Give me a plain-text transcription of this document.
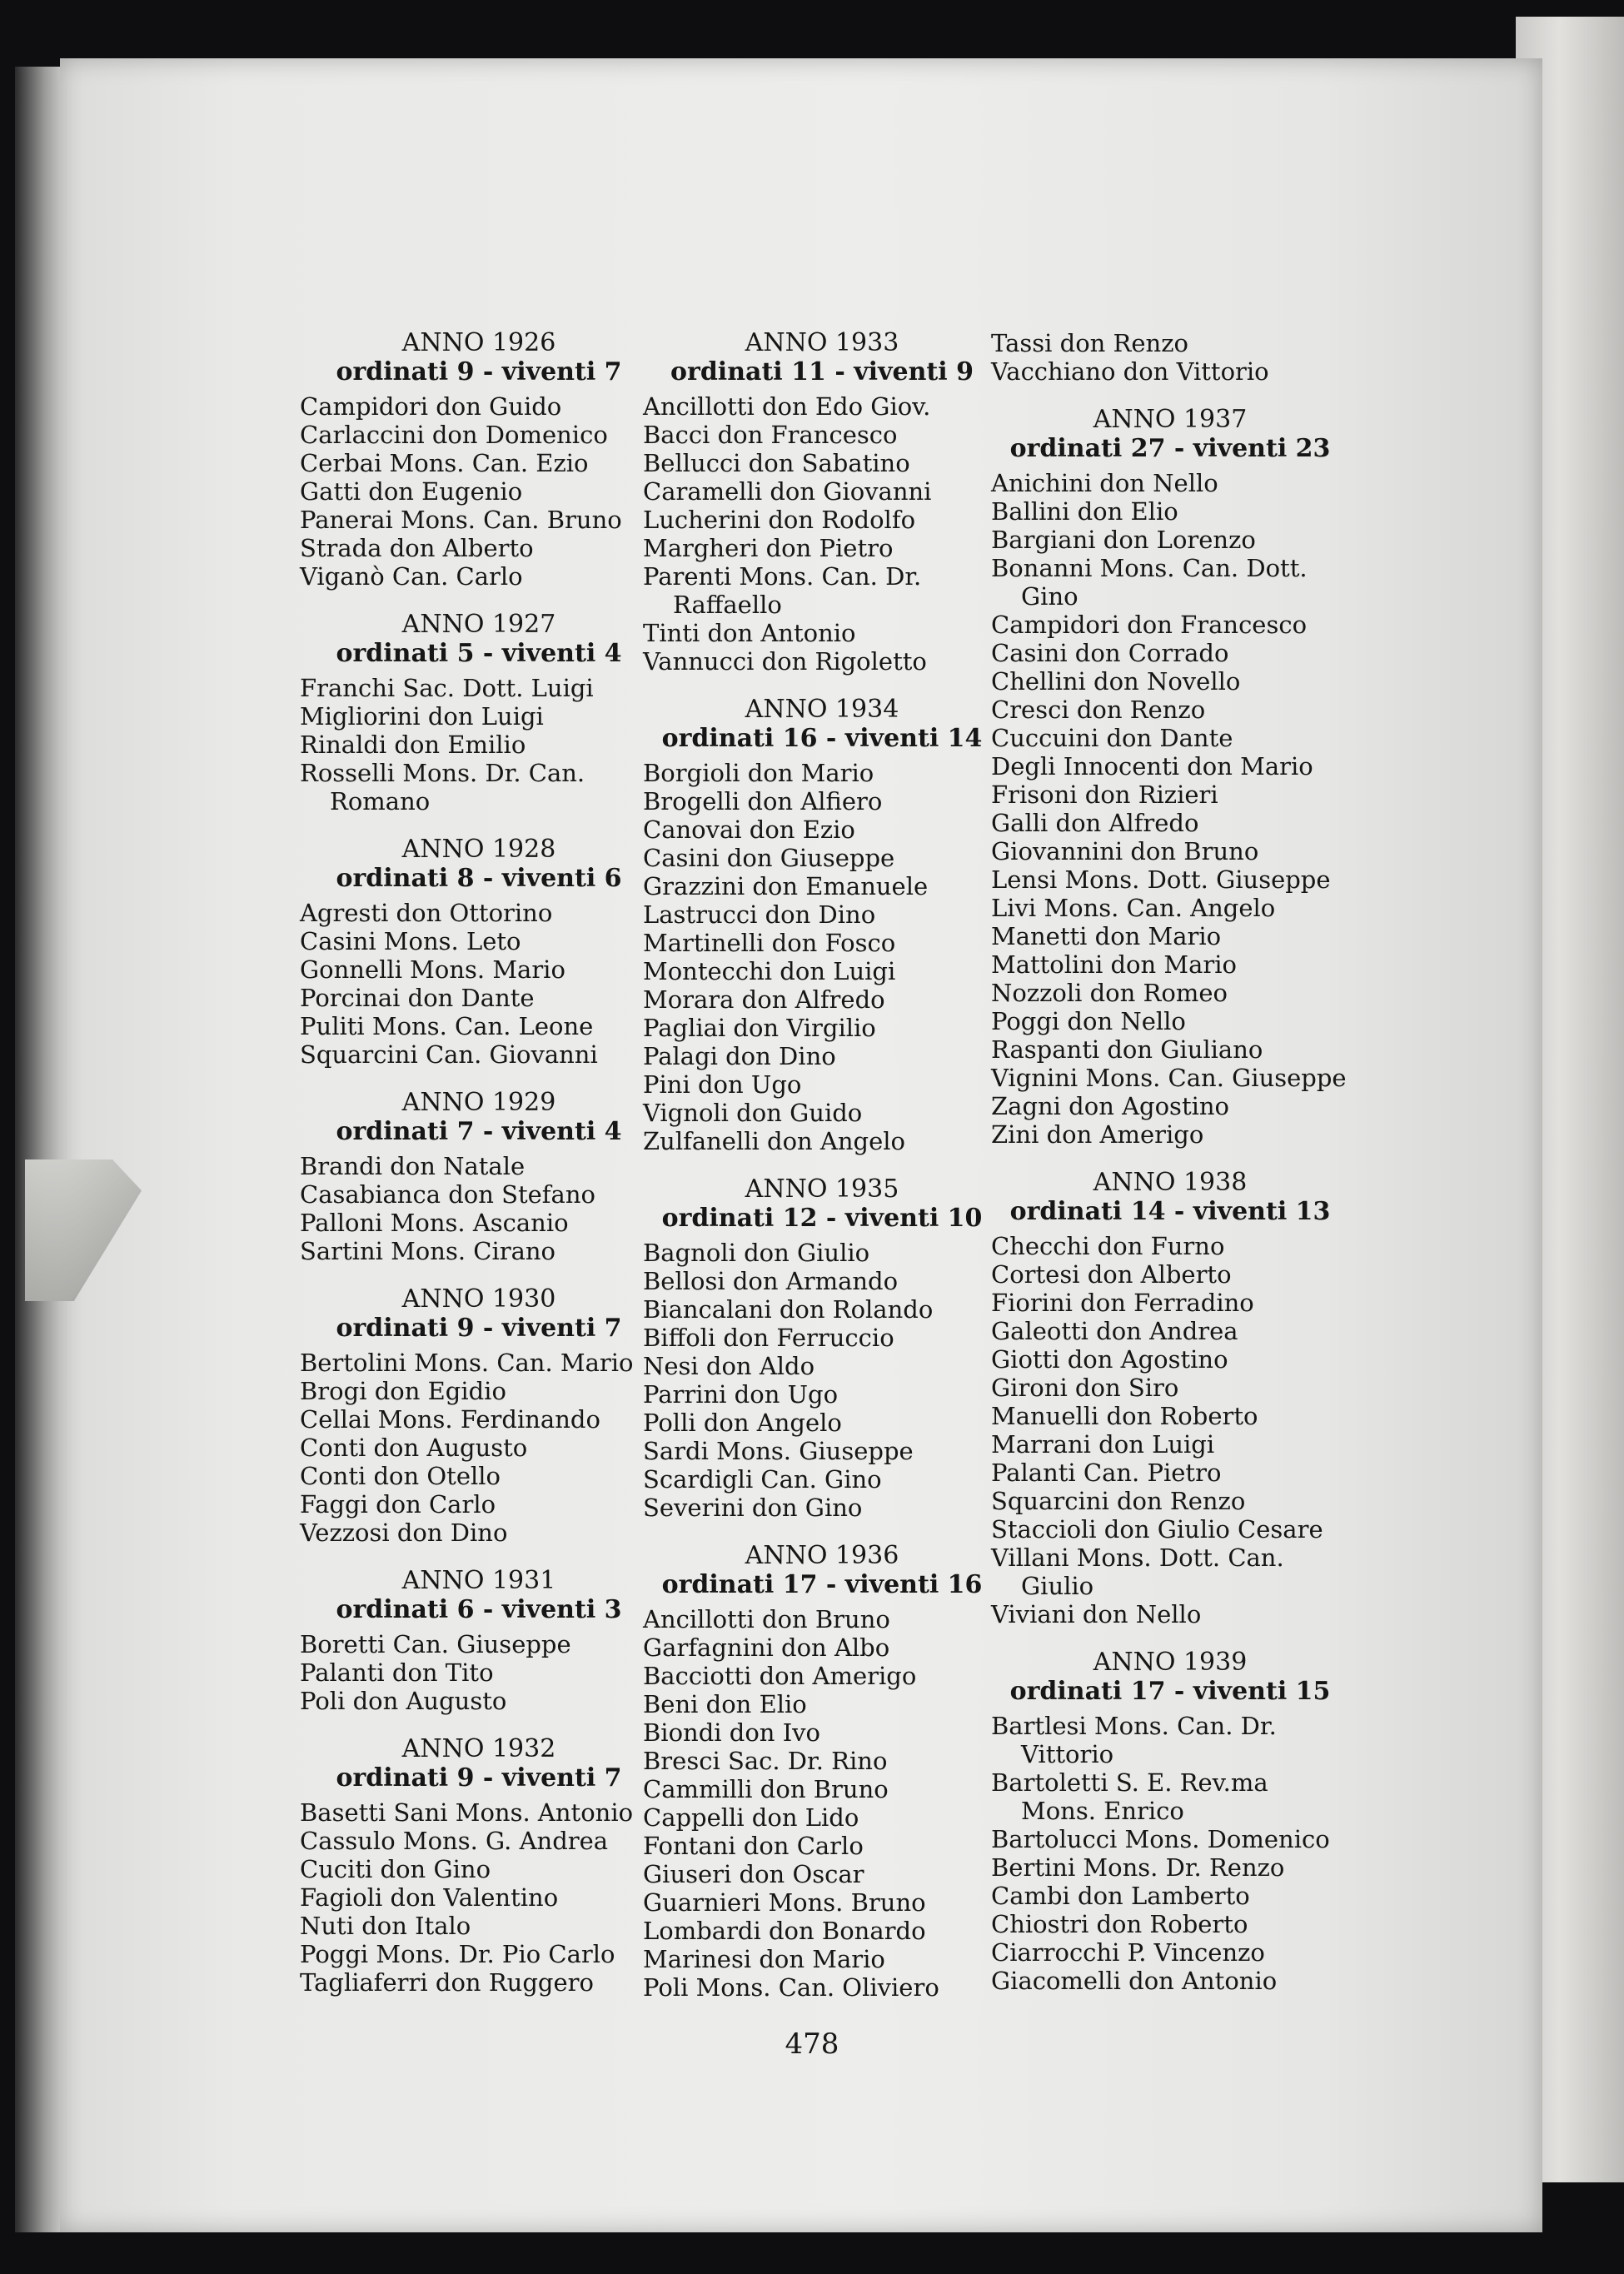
ANNO 1926
ordinati 9 - viventi 7
Campidori don Guido
Carlaccini don Domenico
Cerbai Mons. Can. Ezio
Gatti don Eugenio
Panerai Mons. Can. Bruno
Strada don Alberto
Viganò Can. Carlo
ANNO 1927
ordinati 5 - viventi 4
Franchi Sac. Dott. Luigi
Migliorini don Luigi
Rinaldi don Emilio
Rosselli Mons. Dr. Can. Romano
ANNO 1928
ordinati 8 - viventi 6
Agresti don Ottorino
Casini Mons. Leto
Gonnelli Mons. Mario
Porcinai don Dante
Puliti Mons. Can. Leone
Squarcini Can. Giovanni
ANNO 1929
ordinati 7 - viventi 4
Brandi don Natale
Casabianca don Stefano
Palloni Mons. Ascanio
Sartini Mons. Cirano
ANNO 1930
ordinati 9 - viventi 7
Bertolini Mons. Can. Mario
Brogi don Egidio
Cellai Mons. Ferdinando
Conti don Augusto
Conti don Otello
Faggi don Carlo
Vezzosi don Dino
ANNO 1931
ordinati 6 - viventi 3
Boretti Can. Giuseppe
Palanti don Tito
Poli don Augusto
ANNO 1932
ordinati 9 - viventi 7
Basetti Sani Mons. Antonio
Cassulo Mons. G. Andrea
Cuciti don Gino
Fagioli don Valentino
Nuti don Italo
Poggi Mons. Dr. Pio Carlo
Tagliaferri don Ruggero
ANNO 1933
ordinati 11 - viventi 9
Ancillotti don Edo Giov.
Bacci don Francesco
Bellucci don Sabatino
Caramelli don Giovanni
Lucherini don Rodolfo
Margheri don Pietro
Parenti Mons. Can. Dr. Raffaello
Tinti don Antonio
Vannucci don Rigoletto
ANNO 1934
ordinati 16 - viventi 14
Borgioli don Mario
Brogelli don Alfiero
Canovai don Ezio
Casini don Giuseppe
Grazzini don Emanuele
Lastrucci don Dino
Martinelli don Fosco
Montecchi don Luigi
Morara don Alfredo
Pagliai don Virgilio
Palagi don Dino
Pini don Ugo
Vignoli don Guido
Zulfanelli don Angelo
ANNO 1935
ordinati 12 - viventi 10
Bagnoli don Giulio
Bellosi don Armando
Biancalani don Rolando
Biffoli don Ferruccio
Nesi don Aldo
Parrini don Ugo
Polli don Angelo
Sardi Mons. Giuseppe
Scardigli Can. Gino
Severini don Gino
ANNO 1936
ordinati 17 - viventi 16
Ancillotti don Bruno
Garfagnini don Albo
Bacciotti don Amerigo
Beni don Elio
Biondi don Ivo
Bresci Sac. Dr. Rino
Cammilli don Bruno
Cappelli don Lido
Fontani don Carlo
Giuseri don Oscar
Guarnieri Mons. Bruno
Lombardi don Bonardo
Marinesi don Mario
Poli Mons. Can. Oliviero
Tassi don Renzo
Vacchiano don Vittorio
ANNO 1937
ordinati 27 - viventi 23
Anichini don Nello
Ballini don Elio
Bargiani don Lorenzo
Bonanni Mons. Can. Dott. Gino
Campidori don Francesco
Casini don Corrado
Chellini don Novello
Cresci don Renzo
Cuccuini don Dante
Degli Innocenti don Mario
Frisoni don Rizieri
Galli don Alfredo
Giovannini don Bruno
Lensi Mons. Dott. Giuseppe
Livi Mons. Can. Angelo
Manetti don Mario
Mattolini don Mario
Nozzoli don Romeo
Poggi don Nello
Raspanti don Giuliano
Vignini Mons. Can. Giuseppe
Zagni don Agostino
Zini don Amerigo
ANNO 1938
ordinati 14 - viventi 13
Checchi don Furno
Cortesi don Alberto
Fiorini don Ferradino
Galeotti don Andrea
Giotti don Agostino
Gironi don Siro
Manuelli don Roberto
Marrani don Luigi
Palanti Can. Pietro
Squarcini don Renzo
Staccioli don Giulio Cesare
Villani Mons. Dott. Can. Giulio
Viviani don Nello
ANNO 1939
ordinati 17 - viventi 15
Bartlesi Mons. Can. Dr. Vittorio
Bartoletti S. E. Rev.ma Mons. Enrico
Bartolucci Mons. Domenico
Bertini Mons. Dr. Renzo
Cambi don Lamberto
Chiostri don Roberto
Ciarrocchi P. Vincenzo
Giacomelli don Antonio
478
